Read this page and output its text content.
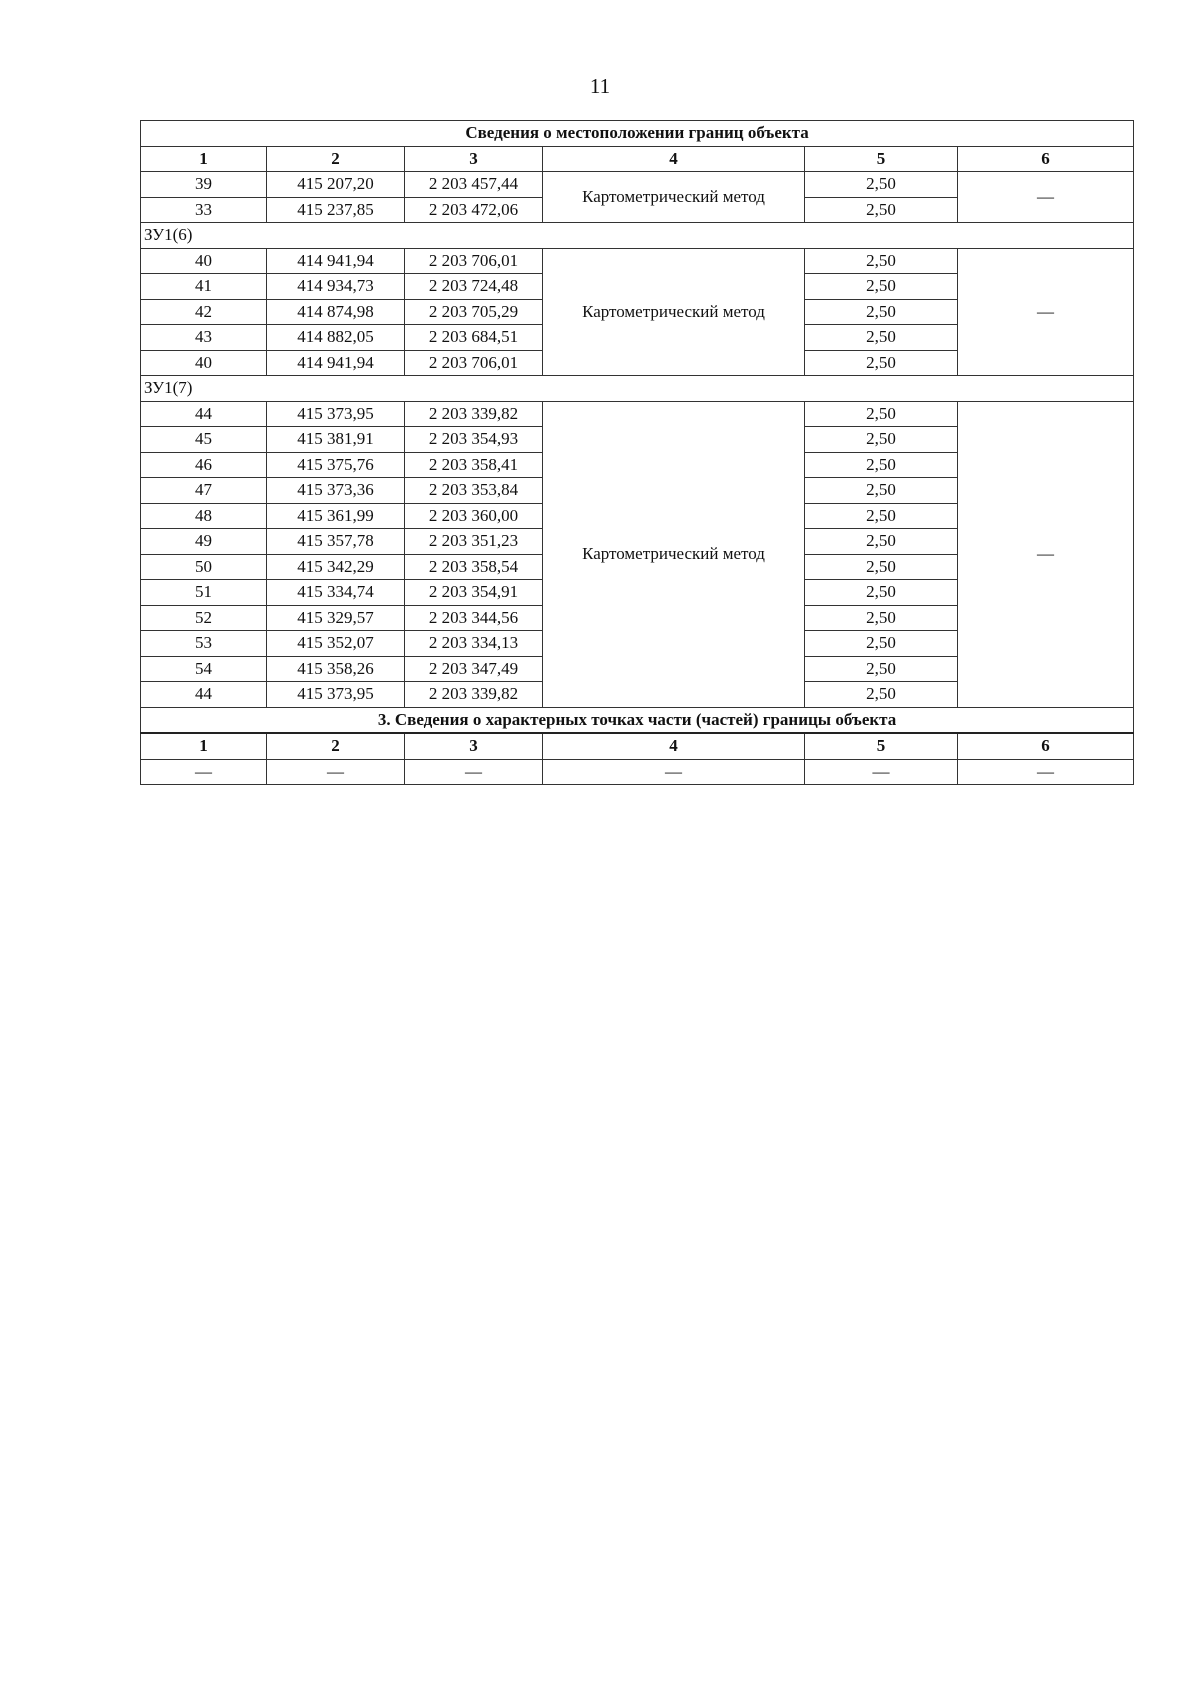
11
Сведения о местоположении границ объекта					
1	2	3	4	5	6
39	415 207,20	2 203 457,44	Картометрический метод	2,50	—
33	415 237,85	2 203 472,06		2,50	
ЗУ1(6)					
40	414 941,94	2 203 706,01	Картометрический метод	2,50	—
41	414 934,73	2 203 724,48		2,50	
42	414 874,98	2 203 705,29		2,50	
43	414 882,05	2 203 684,51		2,50	
40	414 941,94	2 203 706,01		2,50	
ЗУ1(7)					
44	415 373,95	2 203 339,82	Картометрический метод	2,50	—
45	415 381,91	2 203 354,93		2,50	
46	415 375,76	2 203 358,41		2,50	
47	415 373,36	2 203 353,84		2,50	
48	415 361,99	2 203 360,00		2,50	
49	415 357,78	2 203 351,23		2,50	
50	415 342,29	2 203 358,54		2,50	
51	415 334,74	2 203 354,91		2,50	
52	415 329,57	2 203 344,56		2,50	
53	415 352,07	2 203 334,13		2,50	
54	415 358,26	2 203 347,49		2,50	
44	415 373,95	2 203 339,82		2,50	
3. Сведения о характерных точках части (частей) границы объекта					
1	2	3	4	5	6
—	—	—	—	—	—
